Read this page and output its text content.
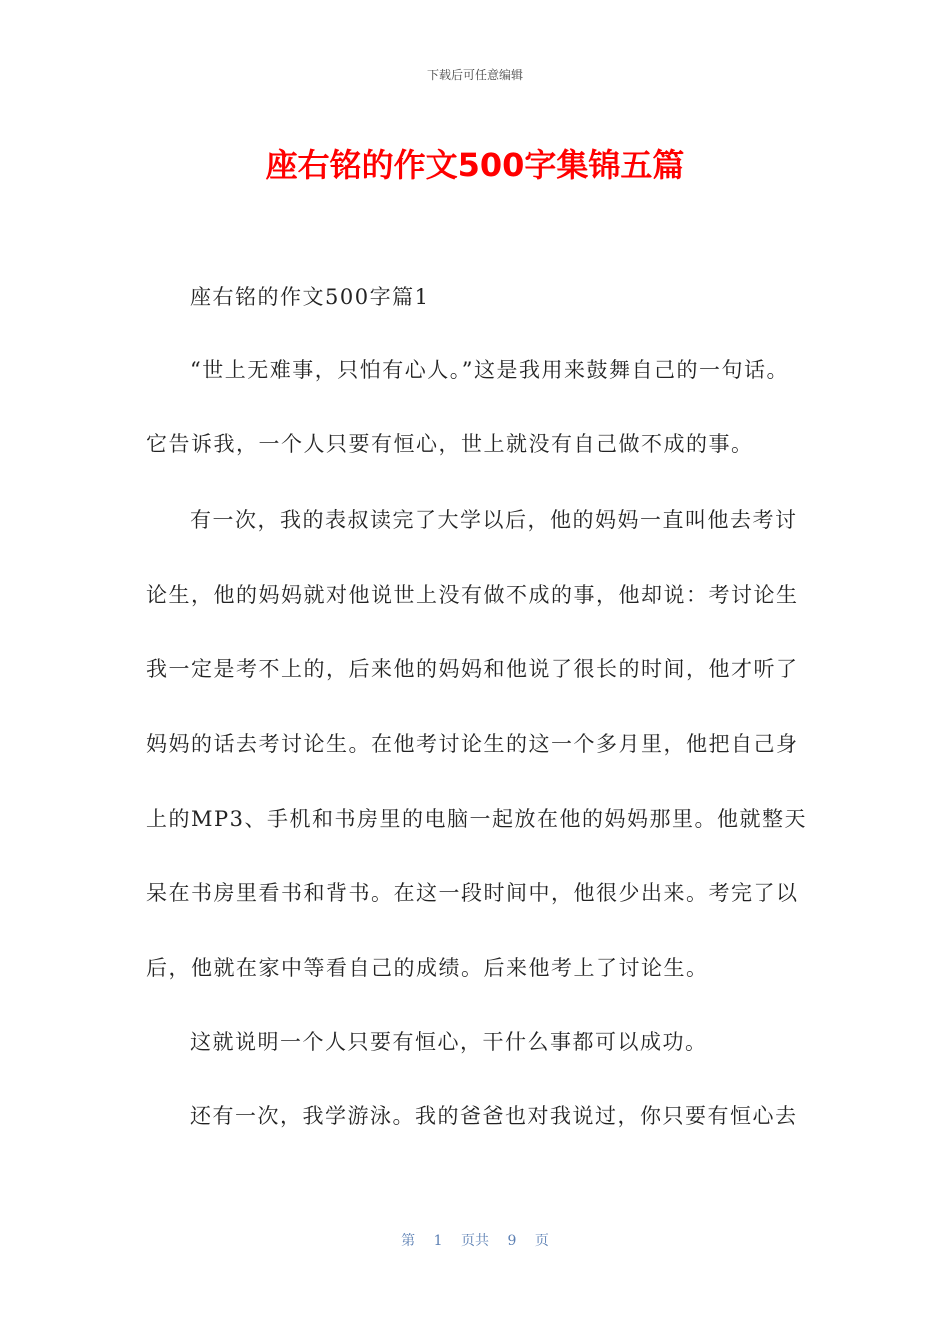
下载后可任意编辑
座右铭的作文500字集锦五篇
座右铭的作文500字篇1
“世上无难事，只怕有心人。”这是我用来鼓舞自己的一句话。
它告诉我，一个人只要有恒心，世上就没有自己做不成的事。
有一次，我的表叔读完了大学以后，他的妈妈一直叫他去考讨
论生，他的妈妈就对他说世上没有做不成的事，他却说：考讨论生
我一定是考不上的，后来他的妈妈和他说了很长的时间，他才听了
妈妈的话去考讨论生。在他考讨论生的这一个多月里，他把自己身
上的MP3、手机和书房里的电脑一起放在他的妈妈那里。他就整天
呆在书房里看书和背书。在这一段时间中，他很少出来。考完了以
后，他就在家中等看自己的成绩。后来他考上了讨论生。
这就说明一个人只要有恒心，干什么事都可以成功。
还有一次，我学游泳。我的爸爸也对我说过，你只要有恒心去
第 1 页共 9 页
